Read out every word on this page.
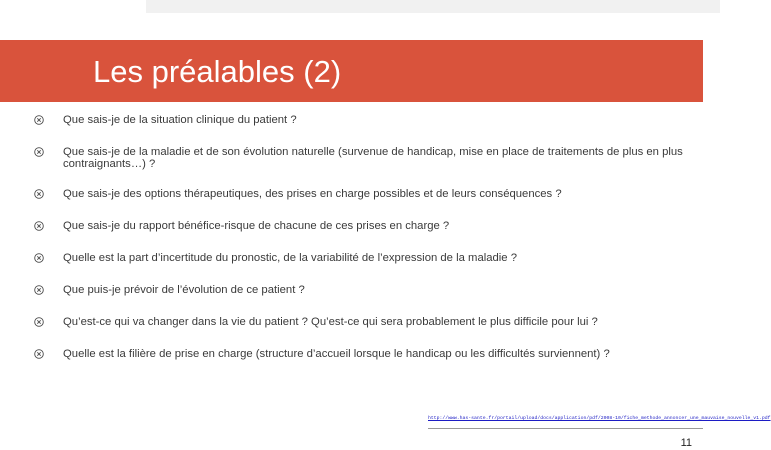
Les préalables (2)
Que sais-je de la situation clinique du patient ?
Que sais-je de la maladie et de son évolution naturelle (survenue de handicap, mise en place de traitements de plus en plus contraignants…) ?
Que sais-je des options thérapeutiques, des prises en charge possibles et de leurs conséquences ?
Que sais-je du rapport bénéfice-risque de chacune de ces prises en charge ?
Quelle est la part d’incertitude du pronostic, de la variabilité de l’expression de la maladie ?
Que puis-je prévoir de l’évolution de ce patient ?
Qu’est-ce qui va changer dans la vie du patient ? Qu’est-ce qui sera probablement le plus difficile pour lui ?
Quelle est la filière de prise en charge (structure d’accueil lorsque le handicap ou les difficultés surviennent) ?
http://www.has-sante.fr/portail/upload/docs/application/pdf/2008-10/fiche_methode_annoncer_une_mauvaise_nouvelle_v1.pdf
11
